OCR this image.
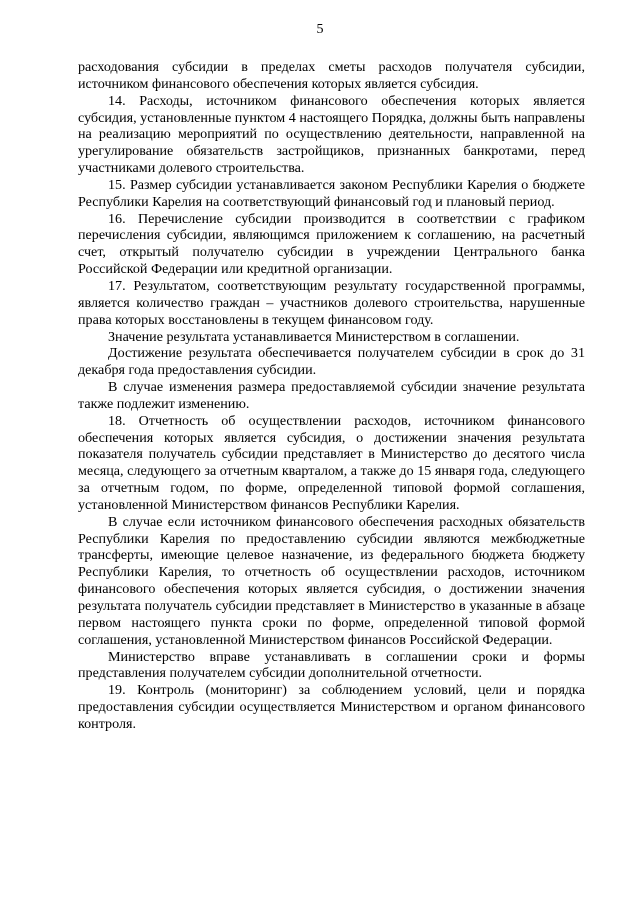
5

расходования субсидии в пределах сметы расходов получателя субсидии, источником финансового обеспечения которых является субсидия.

14. Расходы, источником финансового обеспечения которых является субсидия, установленные пунктом 4 настоящего Порядка, должны быть направлены на реализацию мероприятий по осуществлению деятельности, направленной на урегулирование обязательств застройщиков, признанных банкротами, перед участниками долевого строительства.

15. Размер субсидии устанавливается законом Республики Карелия о бюджете Республики Карелия на соответствующий финансовый год и плановый период.

16. Перечисление субсидии производится в соответствии с графиком перечисления субсидии, являющимся приложением к соглашению, на расчетный счет, открытый получателю субсидии в учреждении Центрального банка Российской Федерации или кредитной организации.

17. Результатом, соответствующим результату государственной программы, является количество граждан – участников долевого строительства, нарушенные права которых восстановлены в текущем финансовом году.

Значение результата устанавливается Министерством в соглашении.

Достижение результата обеспечивается получателем субсидии в срок до 31 декабря года предоставления субсидии.

В случае изменения размера предоставляемой субсидии значение результата также подлежит изменению.

18. Отчетность об осуществлении расходов, источником финансового обеспечения которых является субсидия, о достижении значения результата показателя получатель субсидии представляет в Министерство до десятого числа месяца, следующего за отчетным кварталом, а также до 15 января года, следующего за отчетным годом, по форме, определенной типовой формой соглашения, установленной Министерством финансов Республики Карелия.

В случае если источником финансового обеспечения расходных обязательств Республики Карелия по предоставлению субсидии являются межбюджетные трансферты, имеющие целевое назначение, из федерального бюджета бюджету Республики Карелия, то отчетность об осуществлении расходов, источником финансового обеспечения которых является субсидия, о достижении значения результата получатель субсидии представляет в Министерство в указанные в абзаце первом настоящего пункта сроки по форме, определенной типовой формой соглашения, установленной Министерством финансов Российской Федерации.

Министерство вправе устанавливать в соглашении сроки и формы представления получателем субсидии дополнительной отчетности.

19. Контроль (мониторинг) за соблюдением условий, цели и порядка предоставления субсидии осуществляется Министерством и органом финансового контроля.
